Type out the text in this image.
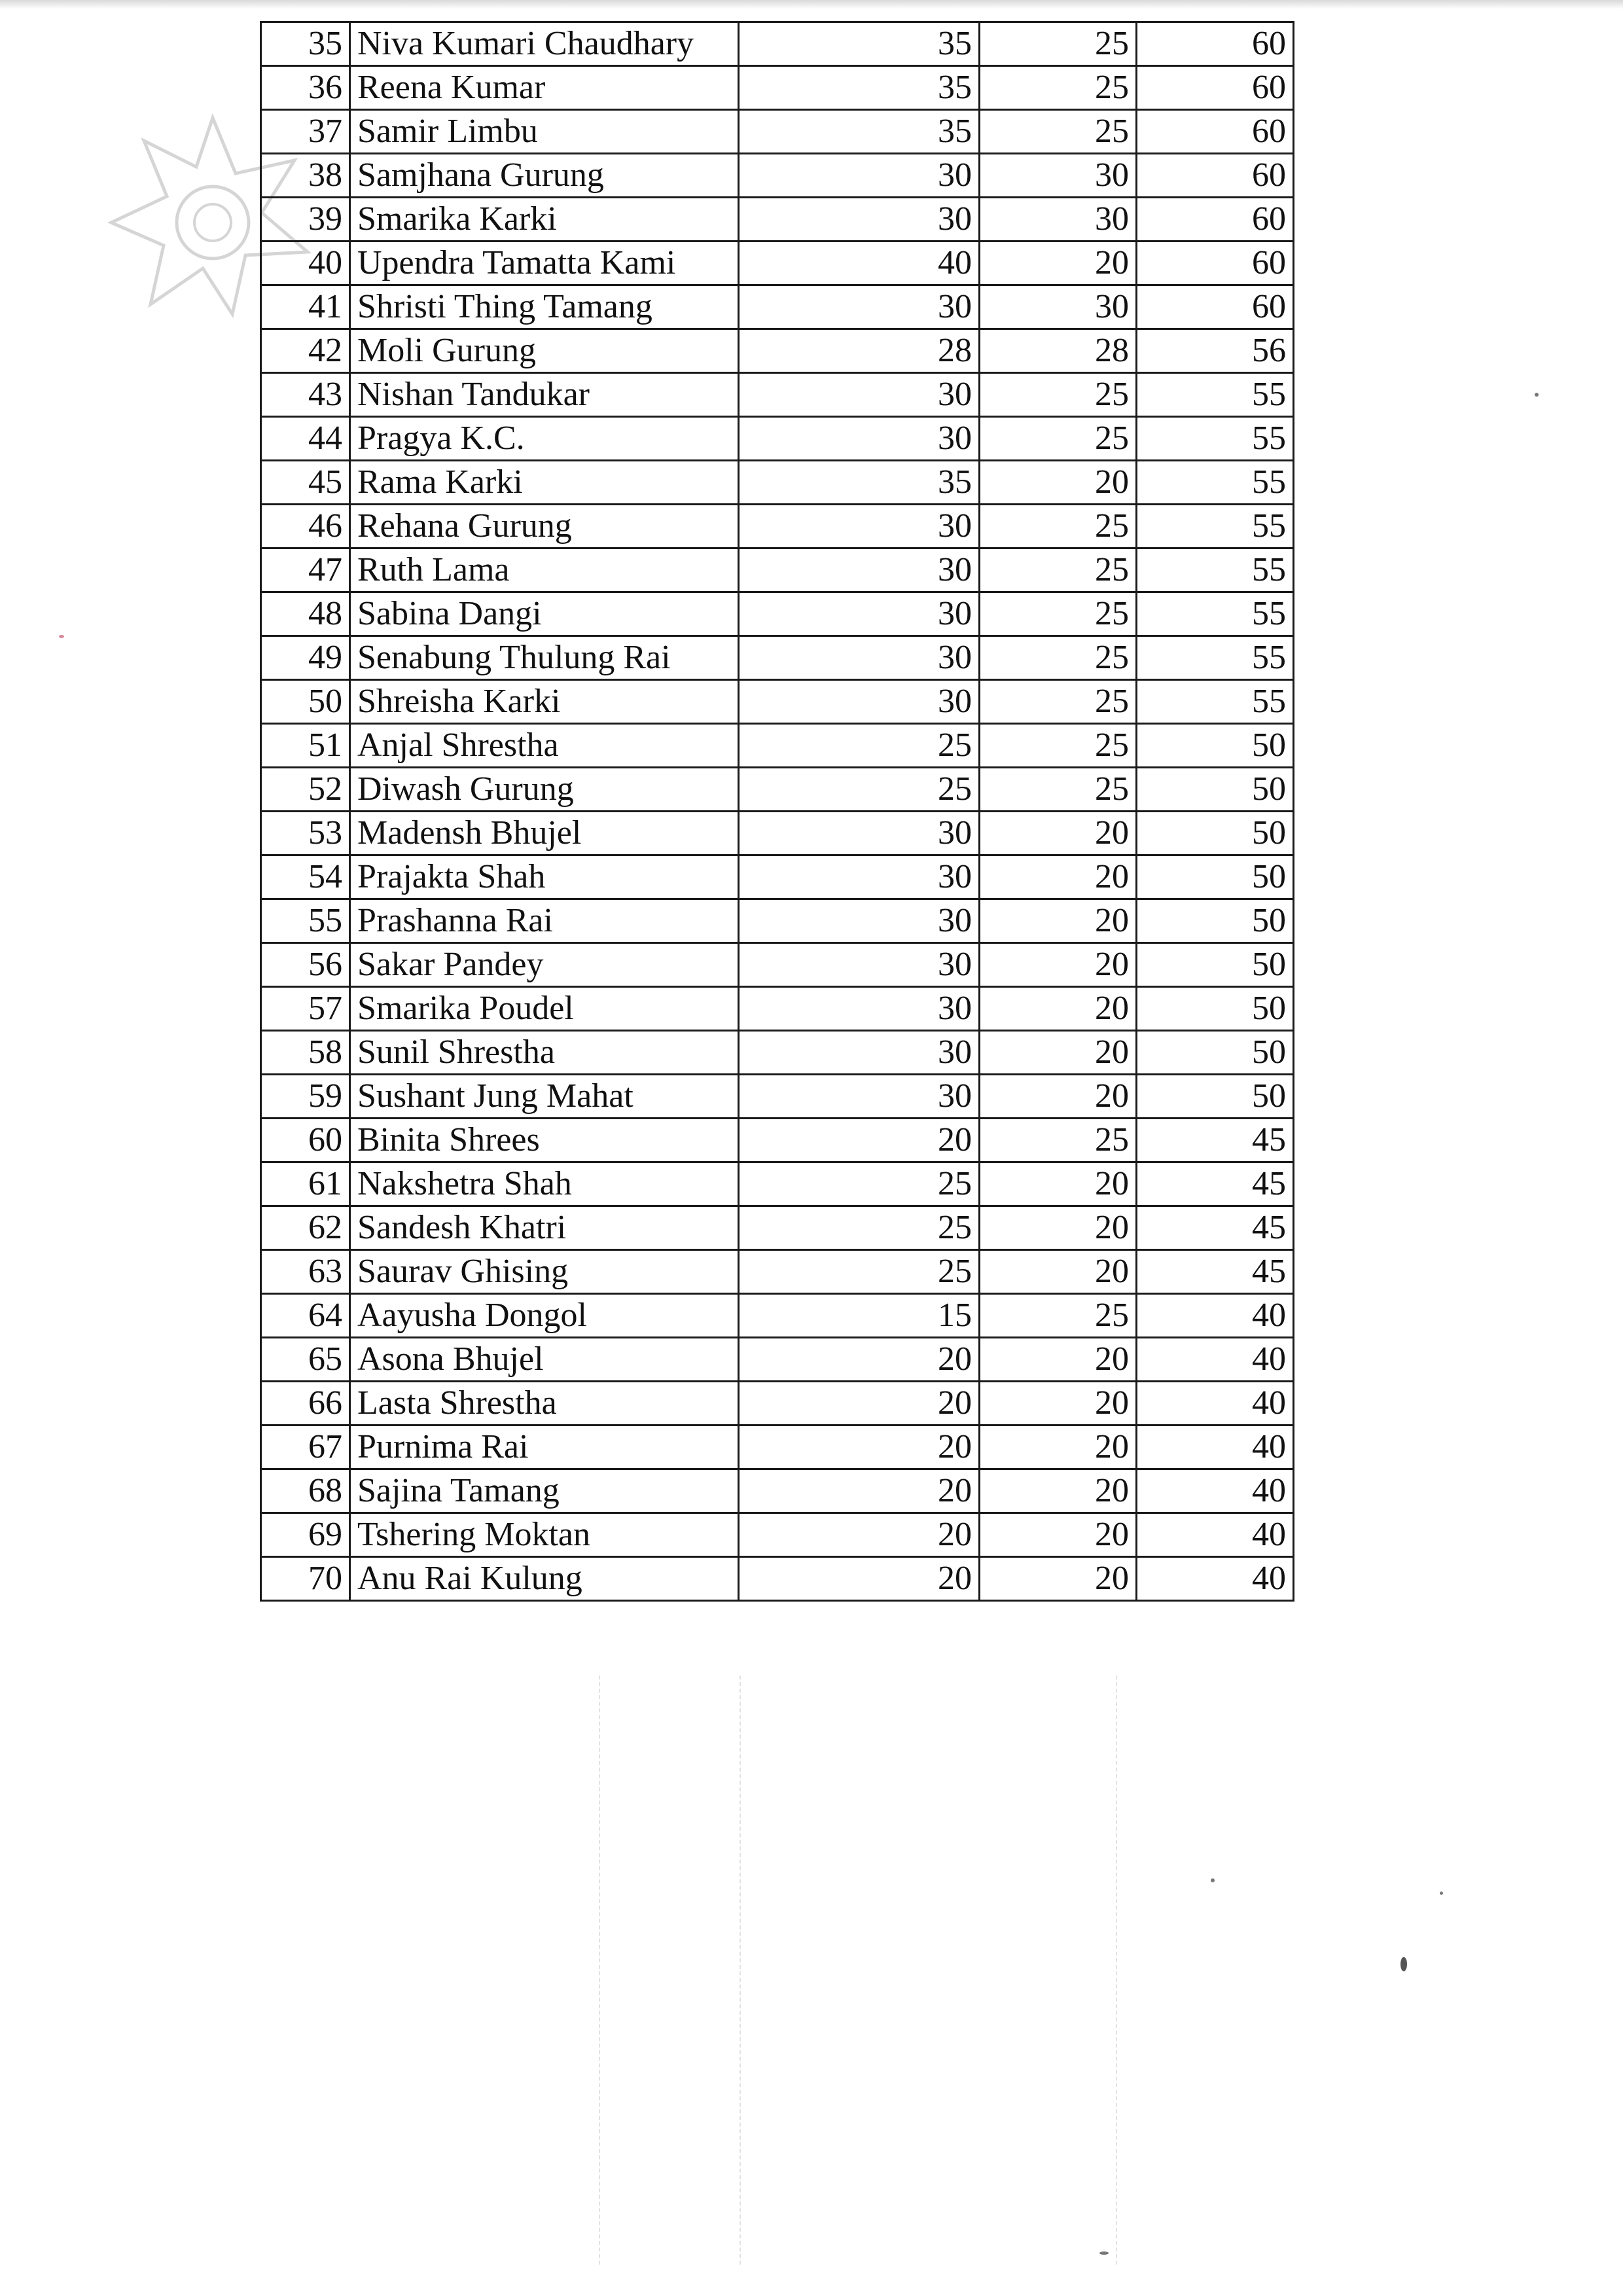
35	Niva Kumari Chaudhary	35	25	60
36	Reena Kumar	35	25	60
37	Samir Limbu	35	25	60
38	Samjhana Gurung	30	30	60
39	Smarika Karki	30	30	60
40	Upendra Tamatta Kami	40	20	60
41	Shristi Thing Tamang	30	30	60
42	Moli Gurung	28	28	56
43	Nishan Tandukar	30	25	55
44	Pragya K.C.	30	25	55
45	Rama Karki	35	20	55
46	Rehana Gurung	30	25	55
47	Ruth Lama	30	25	55
48	Sabina Dangi	30	25	55
49	Senabung Thulung Rai	30	25	55
50	Shreisha Karki	30	25	55
51	Anjal Shrestha	25	25	50
52	Diwash Gurung	25	25	50
53	Madensh Bhujel	30	20	50
54	Prajakta Shah	30	20	50
55	Prashanna Rai	30	20	50
56	Sakar Pandey	30	20	50
57	Smarika Poudel	30	20	50
58	Sunil Shrestha	30	20	50
59	Sushant Jung Mahat	30	20	50
60	Binita Shrees	20	25	45
61	Nakshetra Shah	25	20	45
62	Sandesh Khatri	25	20	45
63	Saurav Ghising	25	20	45
64	Aayusha Dongol	15	25	40
65	Asona Bhujel	20	20	40
66	Lasta Shrestha	20	20	40
67	Purnima Rai	20	20	40
68	Sajina Tamang	20	20	40
69	Tshering Moktan	20	20	40
70	Anu Rai Kulung	20	20	40
